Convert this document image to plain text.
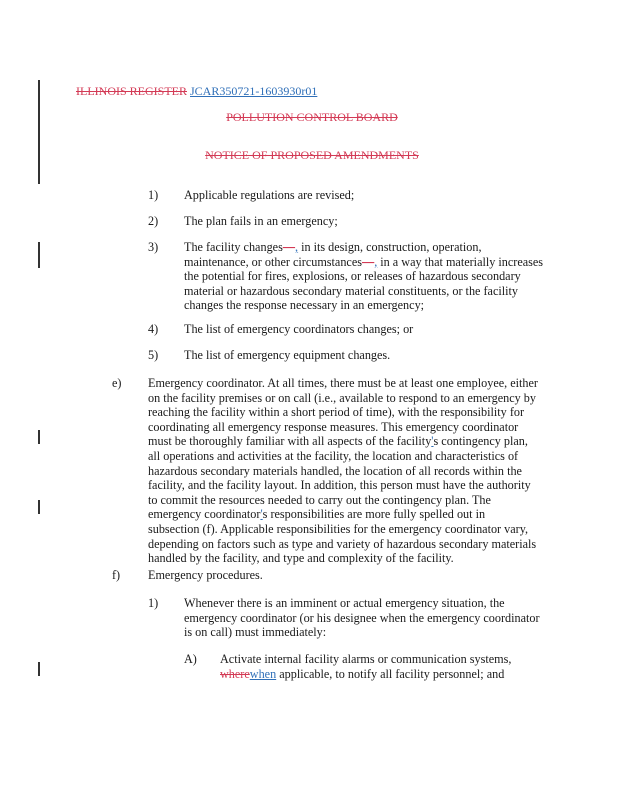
ILLINOIS REGISTER JCAR350721-1603930r01
POLLUTION CONTROL BOARD
NOTICE OF PROPOSED AMENDMENTS
1) Applicable regulations are revised;
2) The plan fails in an emergency;
3) The facility changes—, in its design, construction, operation, maintenance, or other circumstances—, in a way that materially increases the potential for fires, explosions, or releases of hazardous secondary material or hazardous secondary material constituents, or the facility changes the response necessary in an emergency;
4) The list of emergency coordinators changes; or
5) The list of emergency equipment changes.
e) Emergency coordinator. At all times, there must be at least one employee, either on the facility premises or on call (i.e., available to respond to an emergency by reaching the facility within a short period of time), with the responsibility for coordinating all emergency response measures. This emergency coordinator must be thoroughly familiar with all aspects of the facility's contingency plan, all operations and activities at the facility, the location and characteristics of hazardous secondary materials handled, the location of all records within the facility, and the facility layout. In addition, this person must have the authority to commit the resources needed to carry out the contingency plan. The emergency coordinator's responsibilities are more fully spelled out in subsection (f). Applicable responsibilities for the emergency coordinator vary, depending on factors such as type and variety of hazardous secondary materials handled by the facility, and type and complexity of the facility.
f) Emergency procedures.
1) Whenever there is an imminent or actual emergency situation, the emergency coordinator (or his designee when the emergency coordinator is on call) must immediately:
A) Activate internal facility alarms or communication systems, wherewhen applicable, to notify all facility personnel; and
